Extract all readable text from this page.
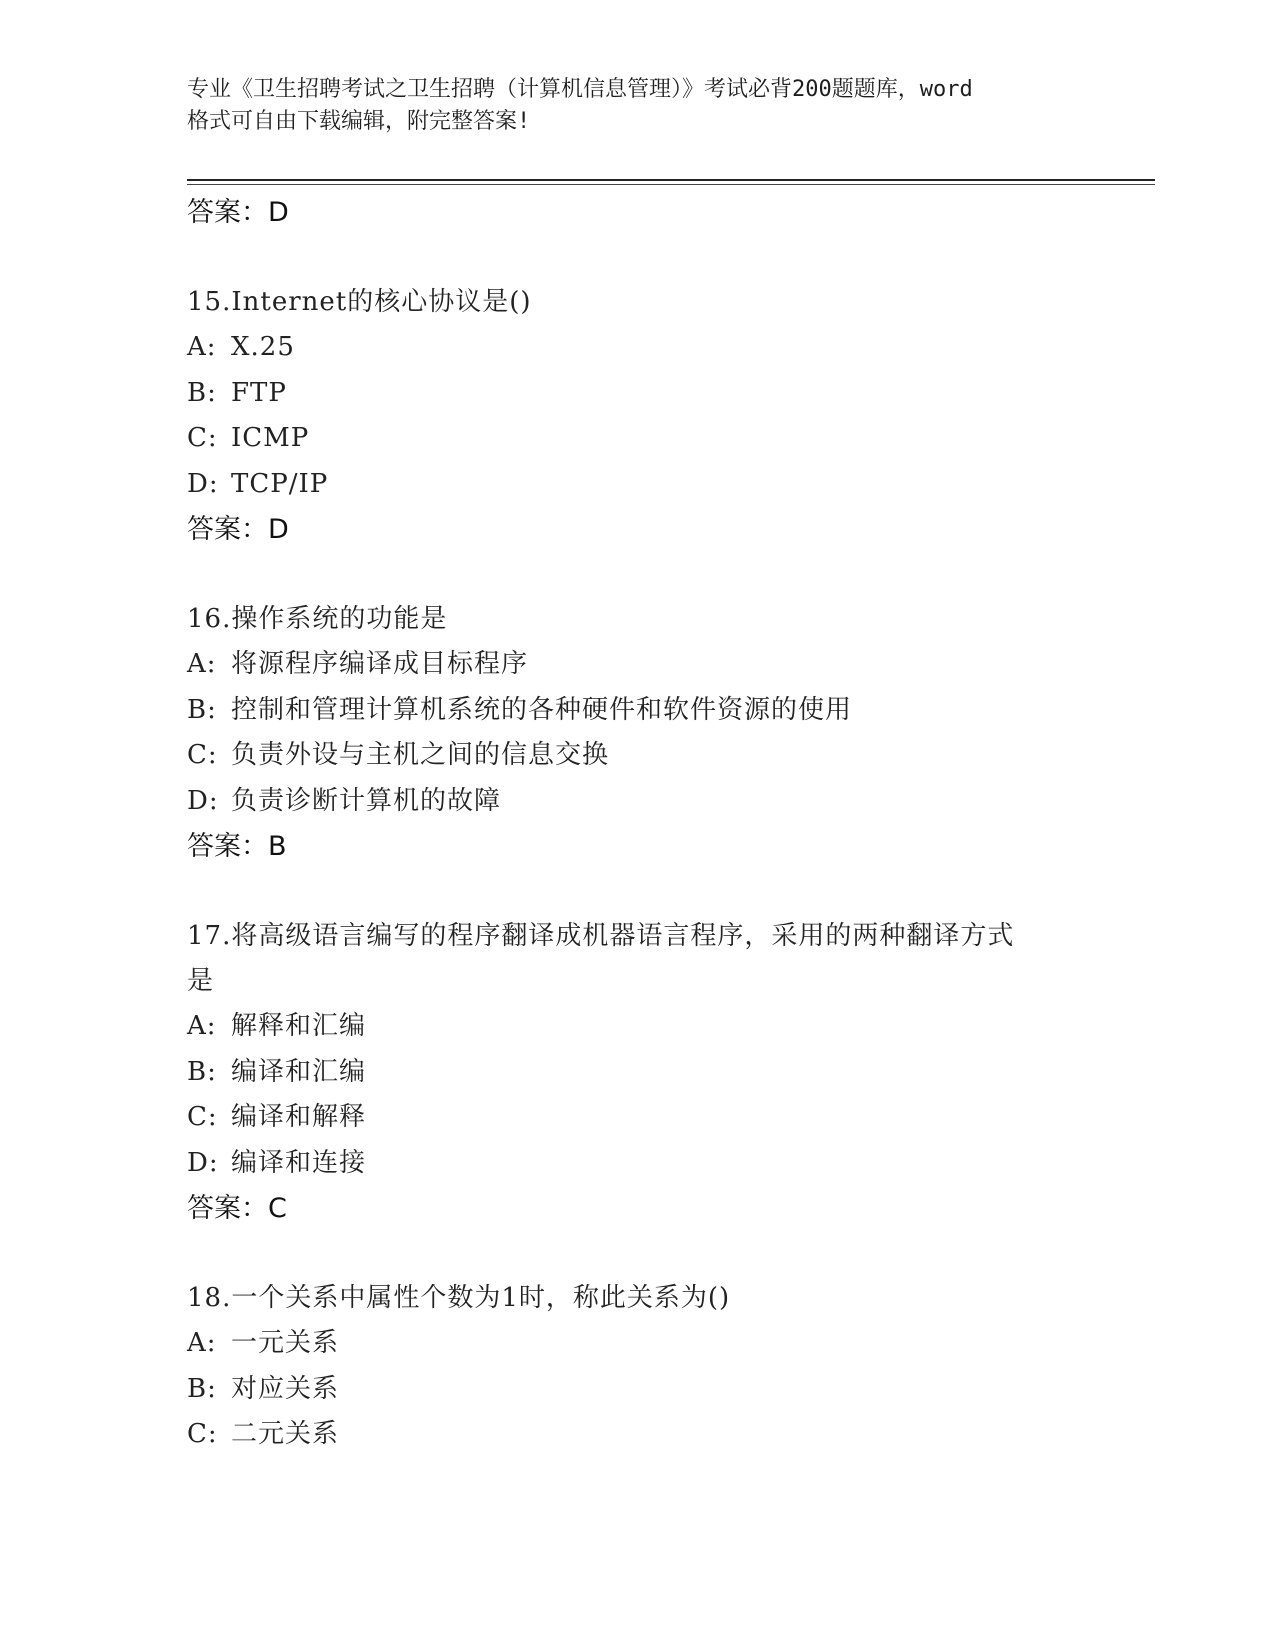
专业《卫生招聘考试之卫生招聘（计算机信息管理）》考试必背200题题库，word
格式可自由下载编辑，附完整答案!
答案：D
15.Internet的核心协议是()
A: X.25
B: FTP
C: ICMP
D: TCP/IP
答案：D
16.操作系统的功能是
A: 将源程序编译成目标程序
B: 控制和管理计算机系统的各种硬件和软件资源的使用
C: 负责外设与主机之间的信息交换
D: 负责诊断计算机的故障
答案：B
17.将高级语言编写的程序翻译成机器语言程序，采用的两种翻译方式
是
A: 解释和汇编
B: 编译和汇编
C: 编译和解释
D: 编译和连接
答案：C
18.一个关系中属性个数为1时，称此关系为()
A: 一元关系
B: 对应关系
C: 二元关系
